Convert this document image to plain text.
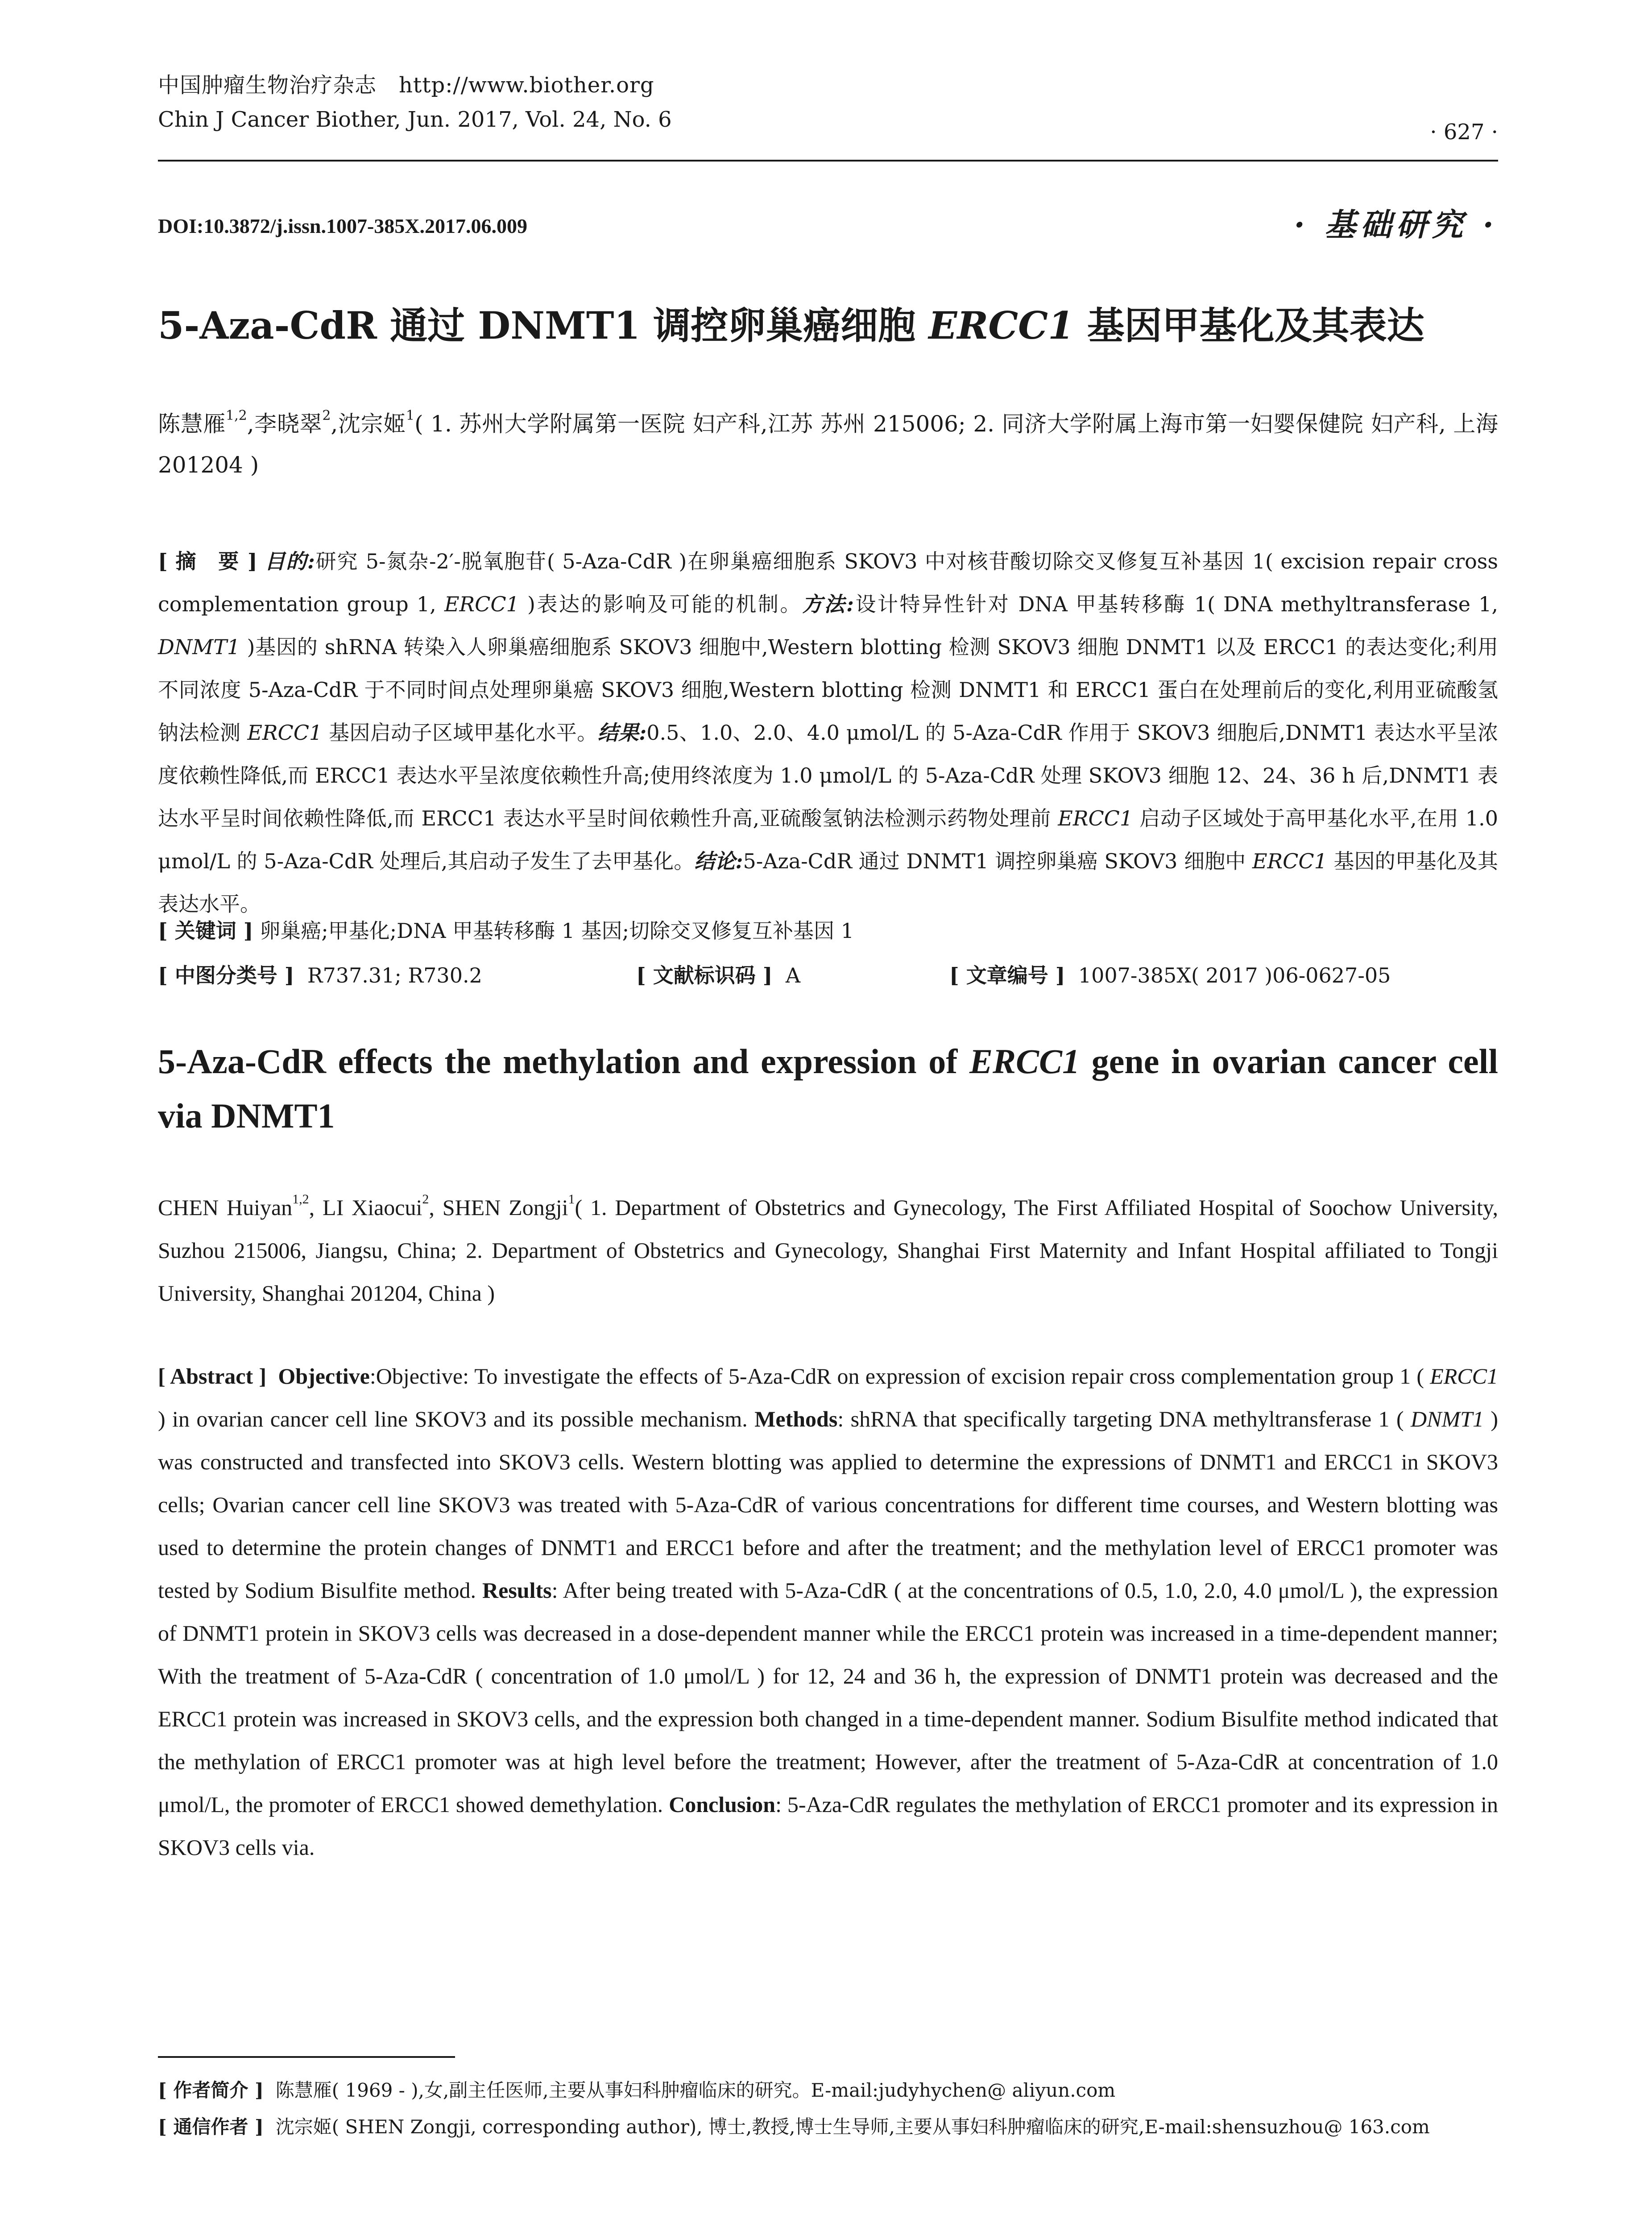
中国肿瘤生物治疗杂志 http://www.biother.org
Chin J Cancer Biother, Jun. 2017, Vol. 24, No. 6	· 627 ·
DOI:10.3872/j.issn.1007-385X.2017.06.009	· 基础研究 ·
5-Aza-CdR 通过 DNMT1 调控卵巢癌细胞 ERCC1 基因甲基化及其表达
陈慧雁$^{1,2}$,李晓翠$^2$,沈宗姬$^1$( 1. 苏州大学附属第一医院 妇产科,江苏 苏州 215006; 2. 同济大学附属上海市第一妇婴保健院 妇产科, 上海 201204 )
[ 摘　要 ] 目的:研究 5-氮杂-2′-脱氧胞苷( 5-Aza-CdR )在卵巢癌细胞系 SKOV3 中对核苷酸切除交叉修复互补基因 1( excision repair cross complementation group 1, ERCC1 )表达的影响及可能的机制。方法:设计特异性针对 DNA 甲基转移酶 1( DNA methyltransferase 1, DNMT1 )基因的 shRNA 转染入人卵巢癌细胞系 SKOV3 细胞中,Western blotting 检测 SKOV3 细胞 DNMT1 以及 ERCC1 的表达变化;利用不同浓度 5-Aza-CdR 于不同时间点处理卵巢癌 SKOV3 细胞,Western blotting 检测 DNMT1 和 ERCC1 蛋白在处理前后的变化,利用亚硫酸氢钠法检测 ERCC1 基因启动子区域甲基化水平。结果:0.5、1.0、2.0、4.0 μmol/L 的 5-Aza-CdR 作用于 SKOV3 细胞后,DNMT1 表达水平呈浓度依赖性降低,而 ERCC1 表达水平呈浓度依赖性升高;使用终浓度为 1.0 μmol/L 的 5-Aza-CdR 处理 SKOV3 细胞 12、24、36 h 后,DNMT1 表达水平呈时间依赖性降低,而 ERCC1 表达水平呈时间依赖性升高,亚硫酸氢钠法检测示药物处理前 ERCC1 启动子区域处于高甲基化水平,在用 1.0 μmol/L 的 5-Aza-CdR 处理后,其启动子发生了去甲基化。结论:5-Aza-CdR 通过 DNMT1 调控卵巢癌 SKOV3 细胞中 ERCC1 基因的甲基化及其表达水平。
[ 关键词 ] 卵巢癌;甲基化;DNA 甲基转移酶 1 基因;切除交叉修复互补基因 1
[ 中图分类号 ] R737.31; R730.2	[ 文献标识码 ] A	[ 文章编号 ] 1007-385X( 2017 )06-0627-05
5-Aza-CdR effects the methylation and expression of ERCC1 gene in ovarian cancer cell via DNMT1
CHEN Huiyan$^{1,2}$, LI Xiaocui$^2$, SHEN Zongji$^1$( 1. Department of Obstetrics and Gynecology, The First Affiliated Hospital of Soochow University, Suzhou 215006, Jiangsu, China; 2. Department of Obstetrics and Gynecology, Shanghai First Maternity and Infant Hospital affiliated to Tongji University, Shanghai 201204, China )
[ Abstract ] Objective:Objective: To investigate the effects of 5-Aza-CdR on expression of excision repair cross complementation group 1 ( ERCC1 ) in ovarian cancer cell line SKOV3 and its possible mechanism. Methods: shRNA that specifically targeting DNA methyltransferase 1 ( DNMT1 ) was constructed and transfected into SKOV3 cells. Western blotting was applied to determine the expressions of DNMT1 and ERCC1 in SKOV3 cells; Ovarian cancer cell line SKOV3 was treated with 5-Aza-CdR of various concentrations for different time courses, and Western blotting was used to determine the protein changes of DNMT1 and ERCC1 before and after the treatment; and the methylation level of ERCC1 promoter was tested by Sodium Bisulfite method. Results: After being treated with 5-Aza-CdR ( at the concentrations of 0.5, 1.0, 2.0, 4.0 μmol/L ), the expression of DNMT1 protein in SKOV3 cells was decreased in a dose-dependent manner while the ERCC1 protein was increased in a time-dependent manner; With the treatment of 5-Aza-CdR ( concentration of 1.0 μmol/L ) for 12, 24 and 36 h, the expression of DNMT1 protein was decreased and the ERCC1 protein was increased in SKOV3 cells, and the expression both changed in a time-dependent manner. Sodium Bisulfite method indicated that the methylation of ERCC1 promoter was at high level before the treatment; However, after the treatment of 5-Aza-CdR at concentration of 1.0 μmol/L, the promoter of ERCC1 showed demethylation. Conclusion: 5-Aza-CdR regulates the methylation of ERCC1 promoter and its expression in SKOV3 cells via.
[ 作者简介 ] 陈慧雁( 1969 - ),女,副主任医师,主要从事妇科肿瘤临床的研究。E-mail:judyhychen@ aliyun.com
[ 通信作者 ] 沈宗姬( SHEN Zongji, corresponding author), 博士,教授,博士生导师,主要从事妇科肿瘤临床的研究,E-mail:shensuzhou@ 163.com
